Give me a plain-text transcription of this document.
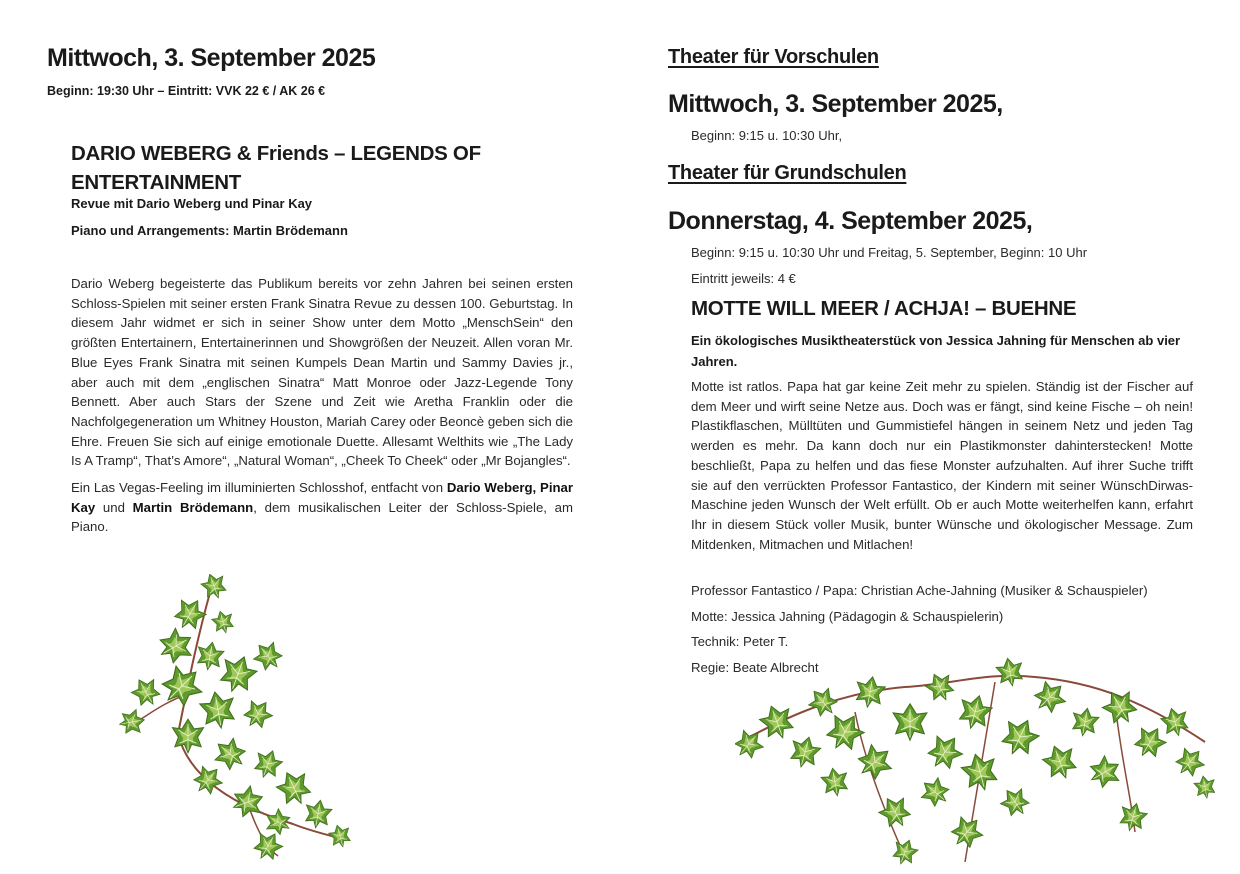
Mittwoch, 3. September 2025
Beginn: 19:30 Uhr – Eintritt: VVK 22 € / AK 26 €
DARIO WEBERG & Friends – LEGENDS OF ENTERTAINMENT
Revue mit Dario Weberg und Pinar Kay
Piano und Arrangements: Martin Brödemann

Dario Weberg begeisterte das Publikum bereits vor zehn Jahren bei seinen ersten Schloss-Spielen mit seiner ersten Frank Sinatra Revue zu dessen 100. Geburtstag. In diesem Jahr widmet er sich in seiner Show unter dem Motto „MenschSein“ den größten Entertainern, Entertainerinnen und Showgrößen der Neuzeit. Allen voran Mr. Blue Eyes Frank Sinatra mit seinen Kumpels Dean Martin und Sammy Davies jr., aber auch mit dem „englischen Sinatra“ Matt Monroe oder Jazz-Legende Tony Bennett. Aber auch Stars der Szene und Zeit wie Aretha Franklin oder die Nachfolgegeneration um Whitney Houston, Mariah Carey oder Beoncè geben sich die Ehre. Freuen Sie sich auf einige emotionale Duette. Allesamt Welthits wie „The Lady Is A Tramp“, That’s Amore“, „Natural Woman“, „Cheek To Cheek“ oder „Mr Bojangles“.

Ein Las Vegas-Feeling im illuminierten Schlosshof, entfacht von Dario Weberg, Pinar Kay und Martin Brödemann, dem musikalischen Leiter der Schloss-Spiele, am Piano.

Theater für Vorschulen
Mittwoch, 3. September 2025,
Beginn: 9:15 u. 10:30 Uhr,
Theater für Grundschulen
Donnerstag, 4. September 2025,
Beginn: 9:15 u. 10:30 Uhr und Freitag, 5. September, Beginn: 10 Uhr
Eintritt jeweils: 4 €
MOTTE WILL MEER / ACHJA! – BUEHNE
Ein ökologisches Musiktheaterstück von Jessica Jahning für Menschen ab vier Jahren.

Motte ist ratlos. Papa hat gar keine Zeit mehr zu spielen. Ständig ist der Fischer auf dem Meer und wirft seine Netze aus. Doch was er fängt, sind keine Fische – oh nein! Plastikflaschen, Mülltüten und Gummistiefel hängen in seinem Netz und jeden Tag werden es mehr. Da kann doch nur ein Plastikmonster dahinterstecken! Motte beschließt, Papa zu helfen und das fiese Monster aufzuhalten. Auf ihrer Suche trifft sie auf den verrückten Professor Fantastico, der Kindern mit seiner WünschDirwas-Maschine jeden Wunsch der Welt erfüllt. Ob er auch Motte weiterhelfen kann, erfahrt Ihr in diesem Stück voller Musik, bunter Wünsche und ökologischer Message. Zum Mitdenken, Mitmachen und Mitlachen!

Professor Fantastico / Papa: Christian Ache-Jahning (Musiker & Schauspieler)
Motte: Jessica Jahning (Pädagogin & Schauspielerin)
Technik: Peter T.
Regie: Beate Albrecht
